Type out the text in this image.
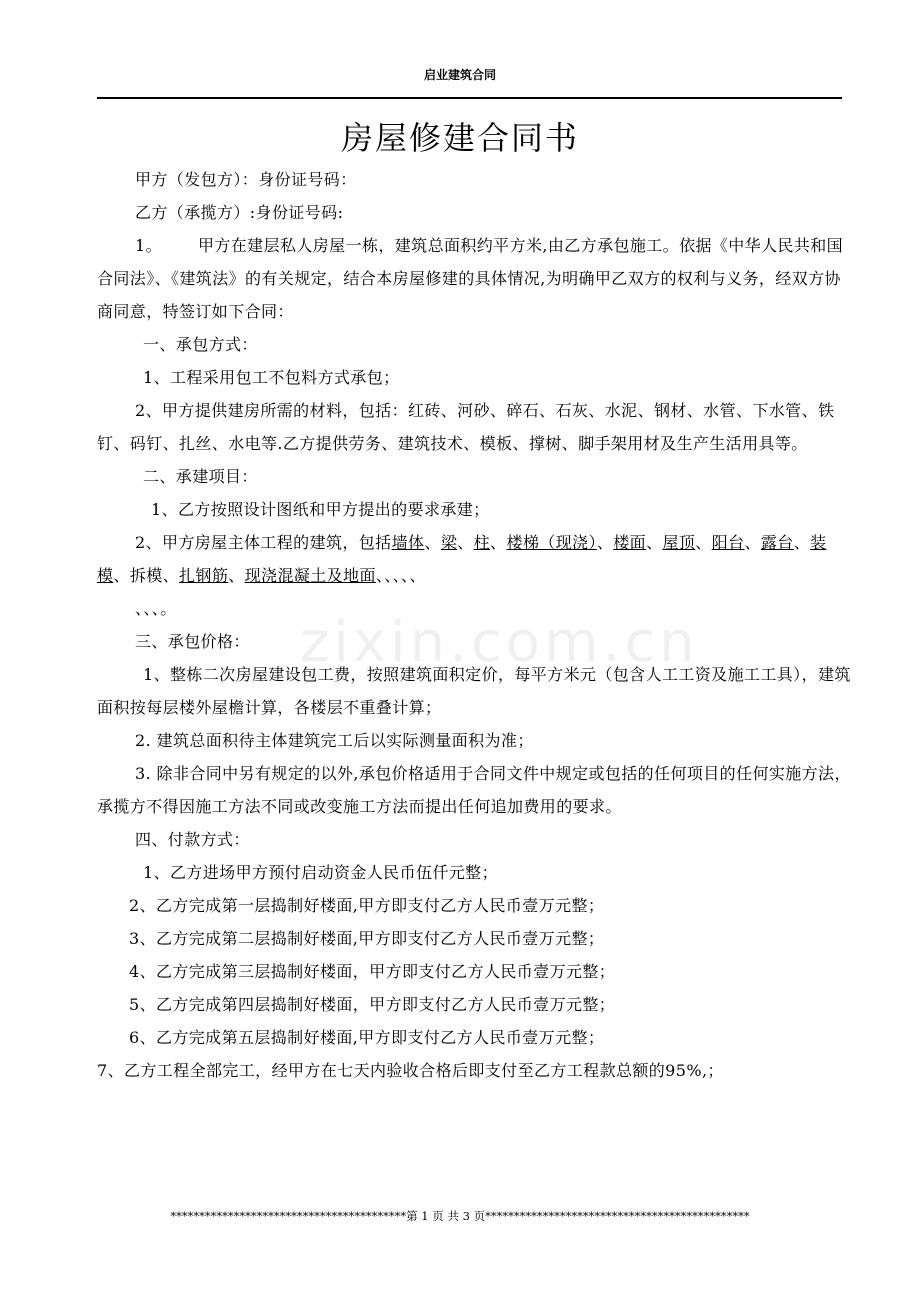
启业建筑合同
房屋修建合同书
zixin.com.cn

甲方（发包方）：身份证号码：

乙方（承揽方）:身份证号码:

1。 甲方在建层私人房屋一栋，建筑总面积约平方米,由乙方承包施工。依据《中华人民共和国合同法》、《建筑法》的有关规定，结合本房屋修建的具体情况,为明确甲乙双方的权利与义务，经双方协商同意，特签订如下合同：

一、承包方式：

1、工程采用包工不包料方式承包；

2、甲方提供建房所需的材料，包括：红砖、河砂、碎石、石灰、水泥、钢材、水管、下水管、铁钉、码钉、扎丝、水电等.乙方提供劳务、建筑技术、模板、撑树、脚手架用材及生产生活用具等。

二、承建项目：

1、乙方按照设计图纸和甲方提出的要求承建；

2、甲方房屋主体工程的建筑，包括墙体、梁、柱、楼梯（现浇）、楼面、屋顶、阳台、露台、装模、拆模、扎钢筋、现浇混凝土及地面、、、、、

、、、。

三、承包价格：

1、整栋二次房屋建设包工费，按照建筑面积定价，每平方米元（包含人工工资及施工工具），建筑面积按每层楼外屋檐计算，各楼层不重叠计算；

2. 建筑总面积待主体建筑完工后以实际测量面积为准；

3. 除非合同中另有规定的以外,承包价格适用于合同文件中规定或包括的任何项目的任何实施方法，承揽方不得因施工方法不同或改变施工方法而提出任何追加费用的要求。

四、付款方式：

1、乙方进场甲方预付启动资金人民币伍仟元整；

2、乙方完成第一层捣制好楼面,甲方即支付乙方人民币壹万元整；

3、乙方完成第二层捣制好楼面,甲方即支付乙方人民币壹万元整；

4、乙方完成第三层捣制好楼面，甲方即支付乙方人民币壹万元整；

5、乙方完成第四层捣制好楼面，甲方即支付乙方人民币壹万元整；

6、乙方完成第五层捣制好楼面,甲方即支付乙方人民币壹万元整；

7、乙方工程全部完工，经甲方在七天内验收合格后即支付至乙方工程款总额的95%,；

*****************************************第 1 页 共 3 页**********************************************
